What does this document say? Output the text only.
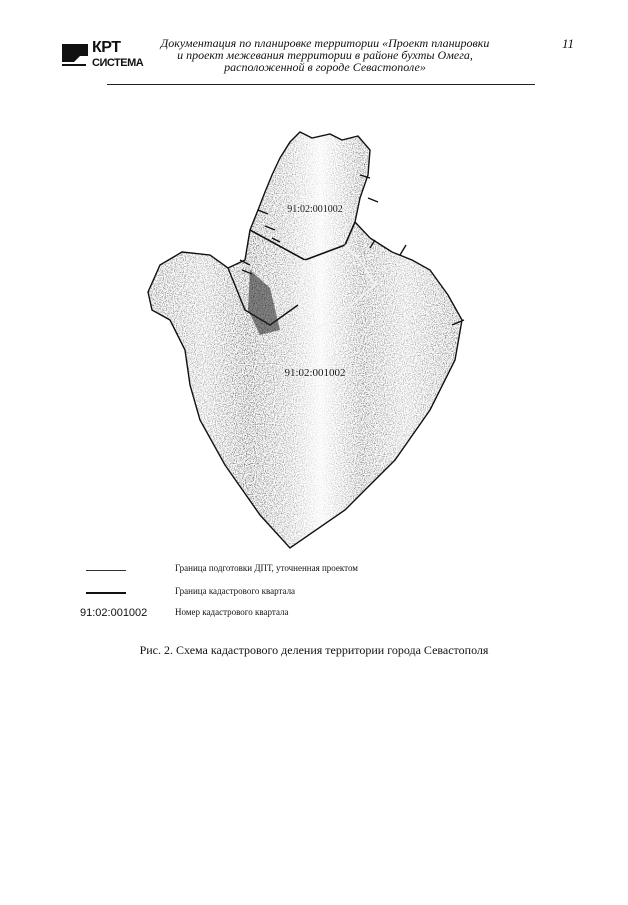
КРТ
СИСТЕМА
Документация по планировке территории «Проект планировки
и проект межевания территории в районе бухты Омега,
расположенной в городе Севастополе»
11
91:02:001002
91:02:001002
Граница подготовки ДПТ, уточненная проектом
Граница кадастрового квартала
91:02:001002	Номер кадастрового квартала
Рис. 2. Схема кадастрового деления территории города Севастополя
